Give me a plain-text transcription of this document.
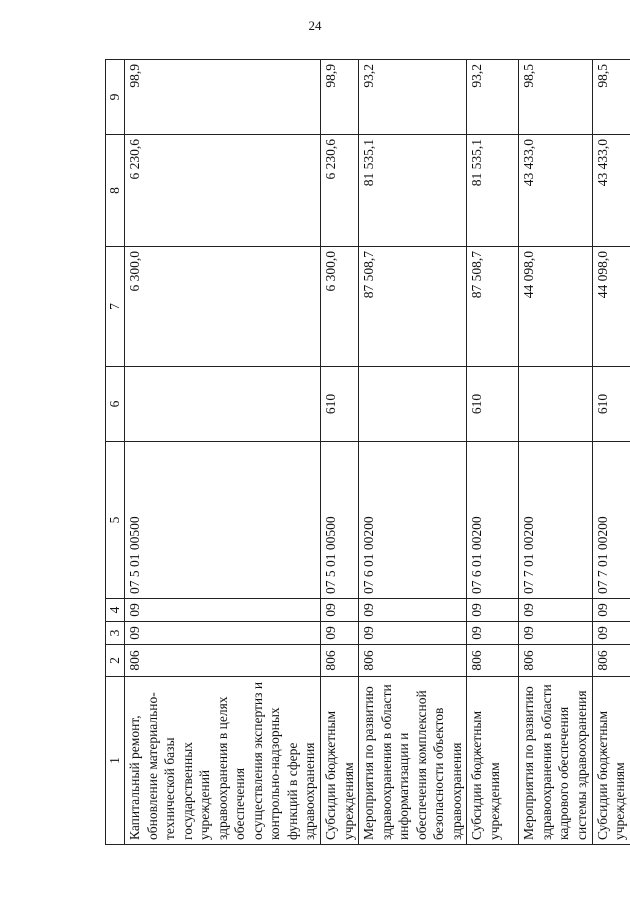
24
1	2	3	4	5	6	7	8	9
Капитальный ремонт, обновление материально-технической базы государственных учреждений здравоохранения в целях обеспечения осуществления экспертиз и контрольно-надзорных функций в сфере здравоохранения	806	09	09	07 5 01 00500		6 300,0	6 230,6	98,9
Субсидии бюджетным учреждениям	806	09	09	07 5 01 00500	610	6 300,0	6 230,6	98,9
Мероприятия по развитию здравоохранения в области информатизации и обеспечения комплексной безопасности объектов здравоохранения	806	09	09	07 6 01 00200		87 508,7	81 535,1	93,2
Субсидии бюджетным учреждениям	806	09	09	07 6 01 00200	610	87 508,7	81 535,1	93,2
Мероприятия по развитию здравоохранения в области кадрового обеспечения системы здравоохранения	806	09	09	07 7 01 00200		44 098,0	43 433,0	98,5
Субсидии бюджетным учреждениям	806	09	09	07 7 01 00200	610	44 098,0	43 433,0	98,5
